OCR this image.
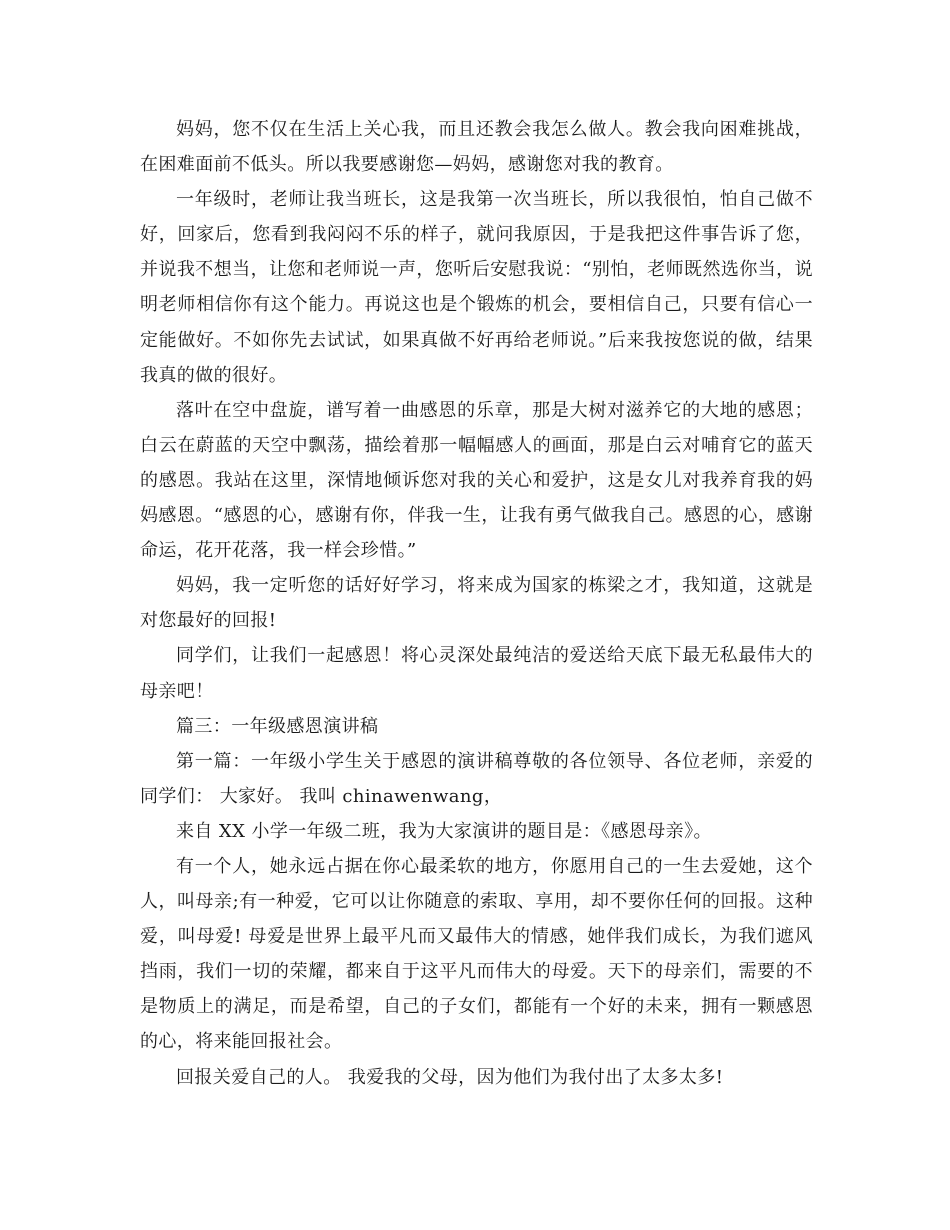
妈妈，您不仅在生活上关心我，而且还教会我怎么做人。教会我向困难挑战，在困难面前不低头。所以我要感谢您—妈妈，感谢您对我的教育。

一年级时，老师让我当班长，这是我第一次当班长，所以我很怕，怕自己做不好，回家后，您看到我闷闷不乐的样子，就问我原因，于是我把这件事告诉了您，并说我不想当，让您和老师说一声，您听后安慰我说：“别怕，老师既然选你当，说明老师相信你有这个能力。再说这也是个锻炼的机会，要相信自己，只要有信心一定能做好。不如你先去试试，如果真做不好再给老师说。”后来我按您说的做，结果我真的做的很好。

落叶在空中盘旋，谱写着一曲感恩的乐章，那是大树对滋养它的大地的感恩；白云在蔚蓝的天空中飘荡，描绘着那一幅幅感人的画面，那是白云对哺育它的蓝天的感恩。我站在这里，深情地倾诉您对我的关心和爱护，这是女儿对我养育我的妈妈感恩。“感恩的心，感谢有你，伴我一生，让我有勇气做我自己。感恩的心，感谢命运，花开花落，我一样会珍惜。”

妈妈，我一定听您的话好好学习，将来成为国家的栋梁之才，我知道，这就是对您最好的回报!

同学们，让我们一起感恩！将心灵深处最纯洁的爱送给天底下最无私最伟大的母亲吧！

篇三：一年级感恩演讲稿

第一篇：一年级小学生关于感恩的演讲稿尊敬的各位领导、各位老师，亲爱的同学们： 大家好。 我叫 chinawenwang，

来自 XX 小学一年级二班，我为大家演讲的题目是：《感恩母亲》。

有一个人，她永远占据在你心最柔软的地方，你愿用自己的一生去爱她，这个人，叫母亲;有一种爱，它可以让你随意的索取、享用，却不要你任何的回报。这种爱，叫母爱! 母爱是世界上最平凡而又最伟大的情感，她伴我们成长，为我们遮风挡雨，我们一切的荣耀，都来自于这平凡而伟大的母爱。天下的母亲们，需要的不是物质上的满足，而是希望，自己的子女们，都能有一个好的未来，拥有一颗感恩的心，将来能回报社会。

回报关爱自己的人。 我爱我的父母，因为他们为我付出了太多太多!
